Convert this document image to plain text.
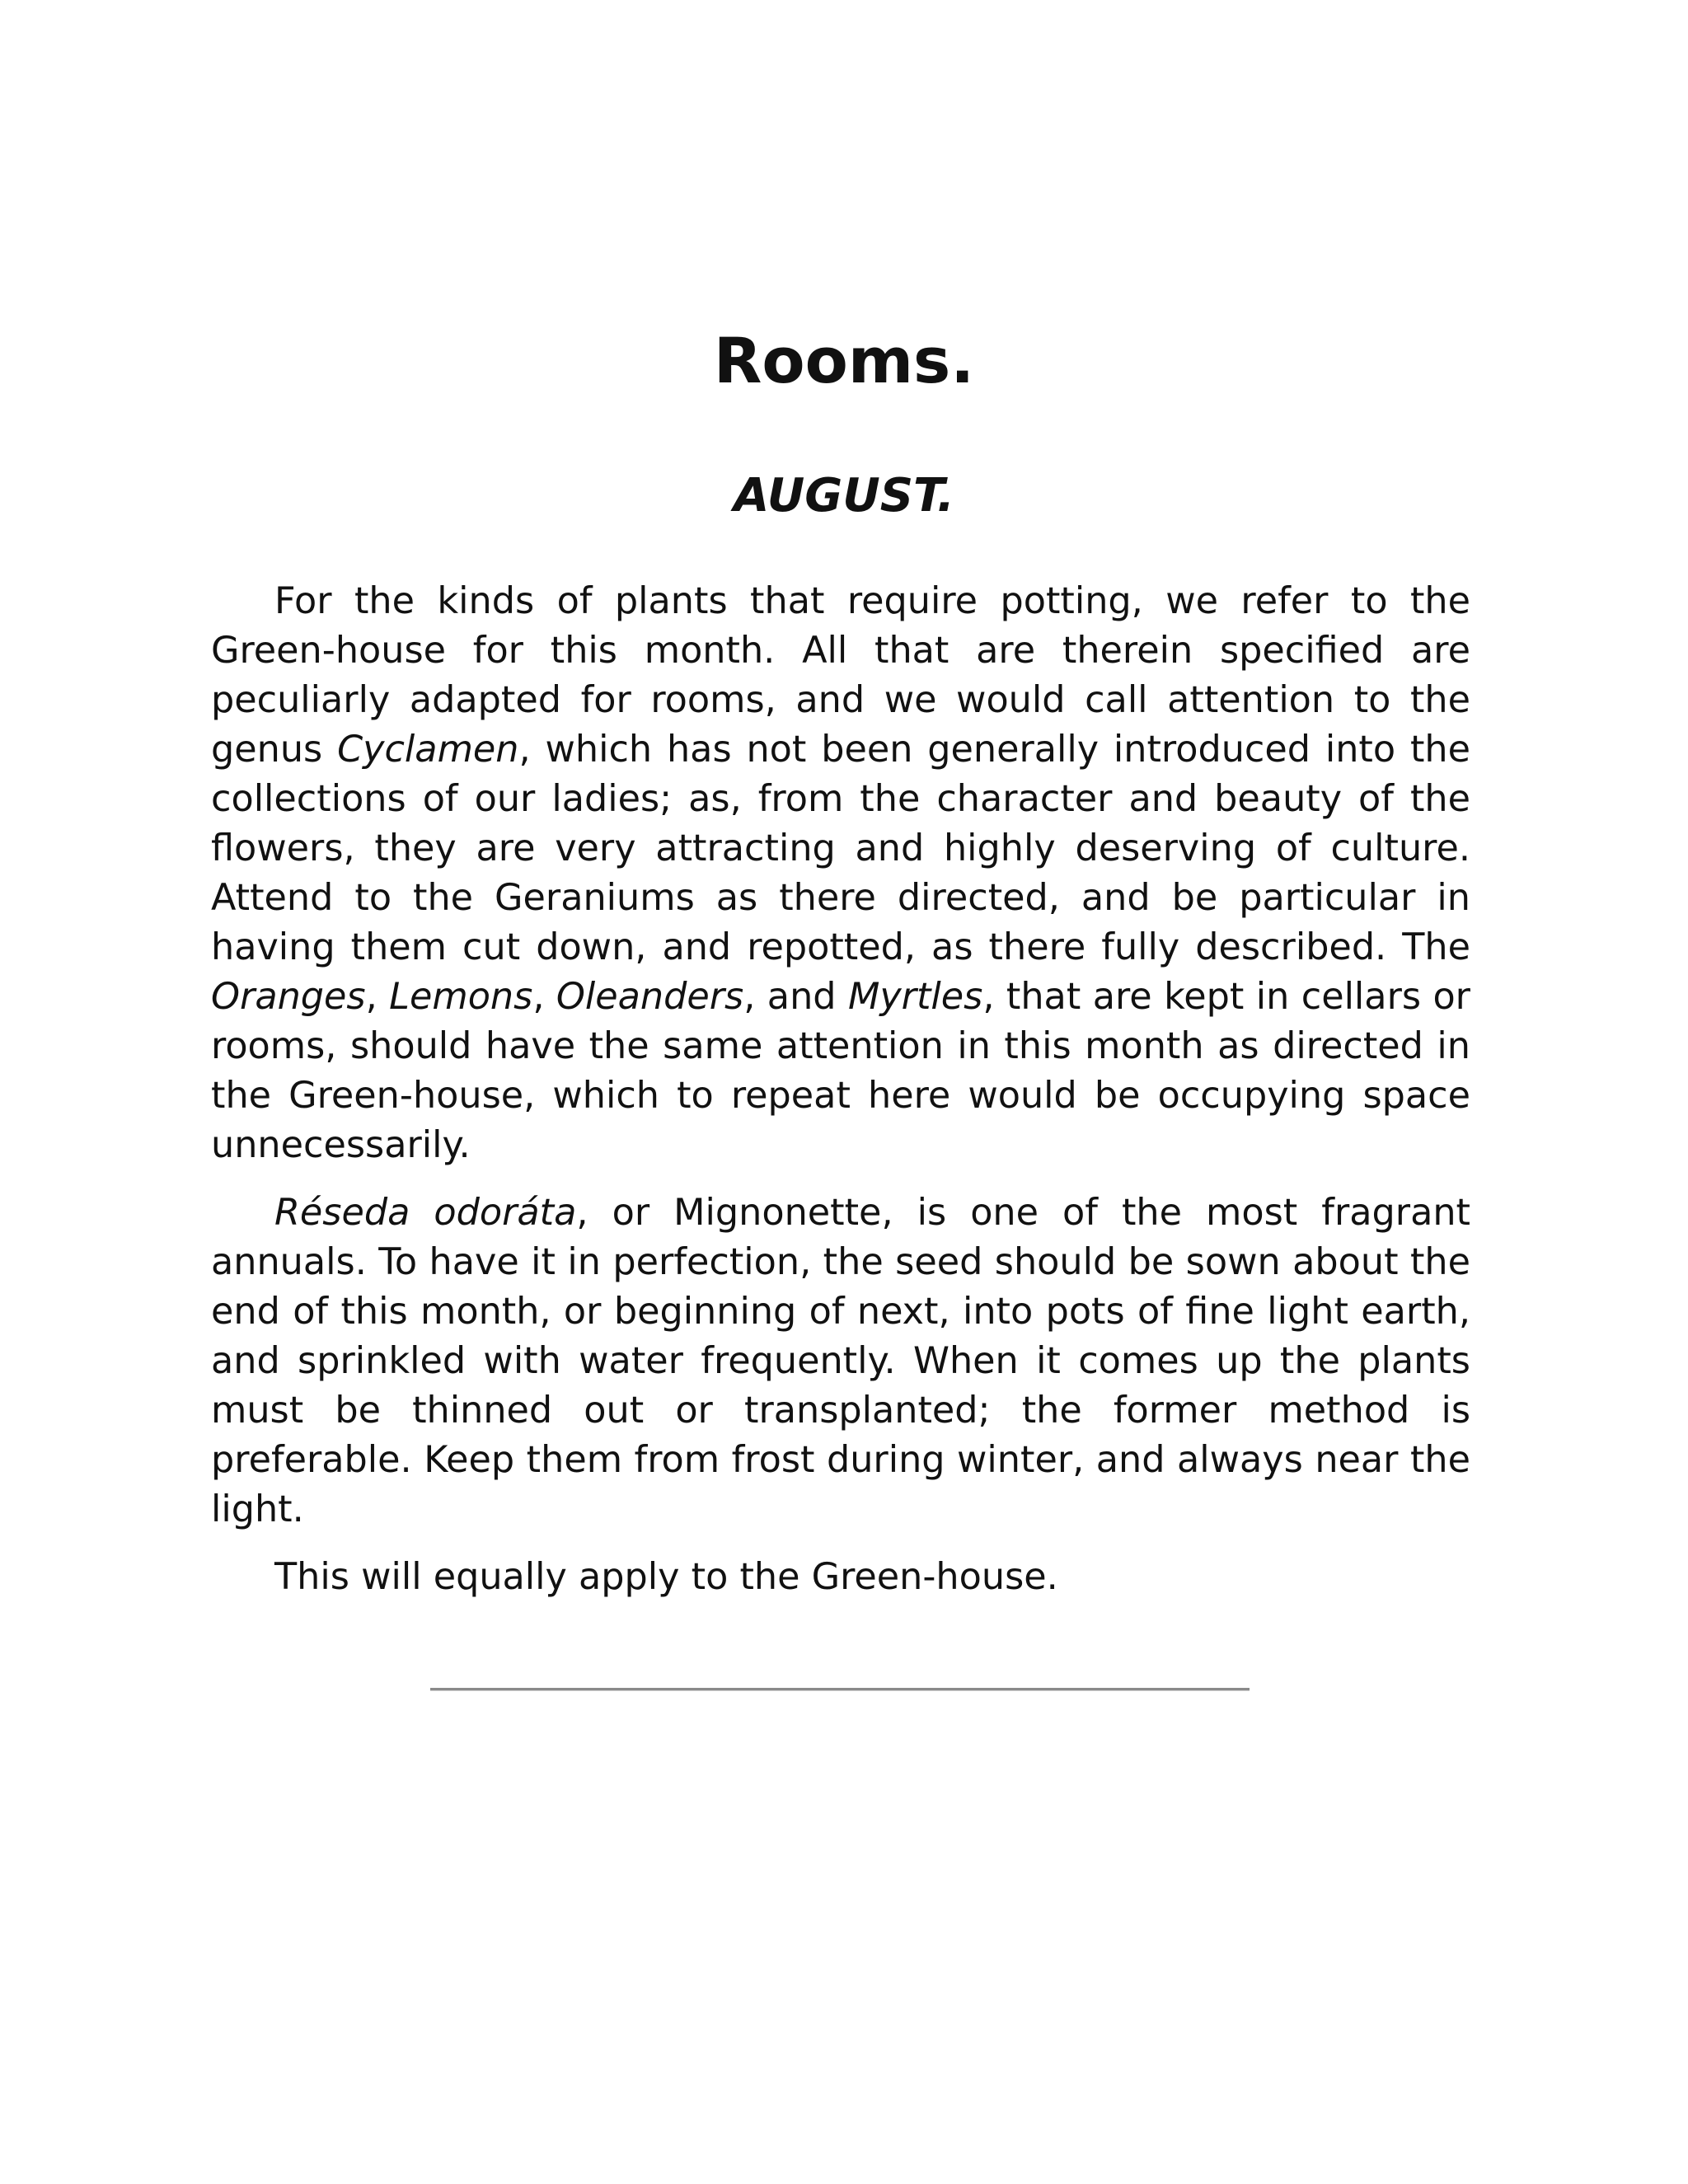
Rooms.
AUGUST.

For the kinds of plants that require potting, we refer to the Green-house for this month. All that are therein specified are peculiarly adapted for rooms, and we would call attention to the genus Cyclamen, which has not been generally introduced into the collections of our ladies; as, from the character and beauty of the flowers, they are very attracting and highly deserving of culture. Attend to the Geraniums as there directed, and be particular in having them cut down, and repotted, as there fully described. The Oranges, Lemons, Oleanders, and Myrtles, that are kept in cellars or rooms, should have the same attention in this month as directed in the Green-house, which to repeat here would be occupying space unnecessarily.

Réseda odoráta, or Mignonette, is one of the most fragrant annuals. To have it in perfection, the seed should be sown about the end of this month, or beginning of next, into pots of fine light earth, and sprinkled with water frequently. When it comes up the plants must be thinned out or transplanted; the former method is preferable. Keep them from frost during winter, and always near the light.

This will equally apply to the Green-house.
